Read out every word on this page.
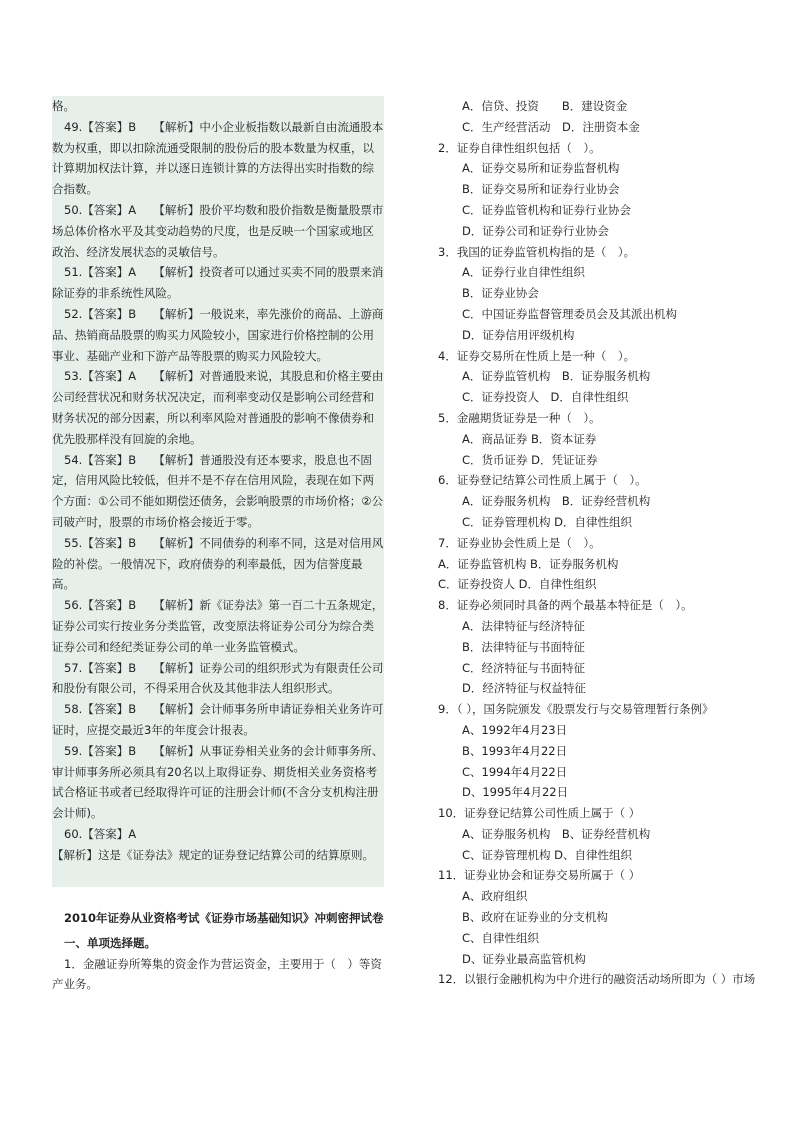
格。

49.【答案】B　　【解析】中小企业板指数以最新自由流通股本数为权重，即以扣除流通受限制的股份后的股本数量为权重，以计算期加权法计算，并以逐日连锁计算的方法得出实时指数的综合指数。

50.【答案】A　　【解析】股价平均数和股价指数是衡量股票市场总体价格水平及其变动趋势的尺度，也是反映一个国家或地区政治、经济发展状态的灵敏信号。

51.【答案】A　　【解析】投资者可以通过买卖不同的股票来消除证券的非系统性风险。

52.【答案】B　　【解析】一般说来，率先涨价的商品、上游商品、热销商品股票的购买力风险较小，国家进行价格控制的公用事业、基础产业和下游产品等股票的购买力风险较大。

53.【答案】A　　【解析】对普通股来说，其股息和价格主要由公司经营状况和财务状况决定，而利率变动仅是影响公司经营和财务状况的部分因素，所以利率风险对普通股的影响不像债券和优先股那样没有回旋的余地。

54.【答案】B　　【解析】普通股没有还本要求，股息也不固定，信用风险比较低，但并不是不存在信用风险，表现在如下两个方面：①公司不能如期偿还债务，会影响股票的市场价格；②公司破产时，股票的市场价格会接近于零。

55.【答案】B　　【解析】不同债券的利率不同，这是对信用风险的补偿。一般情况下，政府债券的利率最低，因为信誉度最高。

56.【答案】B　　【解析】新《证券法》第一百二十五条规定，证券公司实行按业务分类监管，改变原法将证券公司分为综合类证券公司和经纪类证券公司的单一业务监管模式。

57.【答案】B　　【解析】证券公司的组织形式为有限责任公司和股份有限公司，不得采用合伙及其他非法人组织形式。

58.【答案】B　　【解析】会计师事务所申请证券相关业务许可证时，应提交最近3年的年度会计报表。

59.【答案】B　　【解析】从事证券相关业务的会计师事务所、审计师事务所必须具有20名以上取得证券、期货相关业务资格考试合格证书或者已经取得许可证的注册会计师(不含分支机构注册会计师)。

60.【答案】A

【解析】这是《证券法》规定的证券登记结算公司的结算原则。

2010年证券从业资格考试《证券市场基础知识》冲刺密押试卷

一、单项选择题。

1．金融证券所筹集的资金作为营运资金，主要用于（　）等资产业务。

A．信贷、投资　　B．建设资金

C．生产经营活动　D．注册资本金

2．证券自律性组织包括（　）。

A．证券交易所和证券监督机构

B．证券交易所和证券行业协会

C．证券监管机构和证券行业协会

D．证券公司和证券行业协会

3．我国的证券监管机构指的是（　）。

A．证券行业自律性组织

B．证券业协会

C．中国证券监督管理委员会及其派出机构

D．证券信用评级机构

4．证券交易所在性质上是一种（　）。

A．证券监管机构　B．证券服务机构

C．证券投资人　D．自律性组织

5．金融期货证券是一种（　）。

A．商品证券 B．资本证券

C．货币证券 D．凭证证券

6．证券登记结算公司性质上属于（　）。

A．证券服务机构　B．证券经营机构

C．证券管理机构 D．自律性组织

7．证券业协会性质上是（　）。

A．证券监管机构 B．证券服务机构

C．证券投资人 D．自律性组织

8．证券必须同时具备的两个最基本特征是（　）。

A．法律特征与经济特征

B．法律特征与书面特征

C．经济特征与书面特征

D．经济特征与权益特征

9．（ ），国务院颁发《股票发行与交易管理暂行条例》

A、1992年4月23日

B、1993年4月22日

C、1994年4月22日

D、1995年4月22日

10．证券登记结算公司性质上属于（ ）

A、证券服务机构　B、证券经营机构

C、证券管理机构 D、自律性组织

11．证券业协会和证券交易所属于（ ）

A、政府组织

B、政府在证券业的分支机构

C、自律性组织

D、证券业最高监管机构

12．以银行金融机构为中介进行的融资活动场所即为（ ）市场
